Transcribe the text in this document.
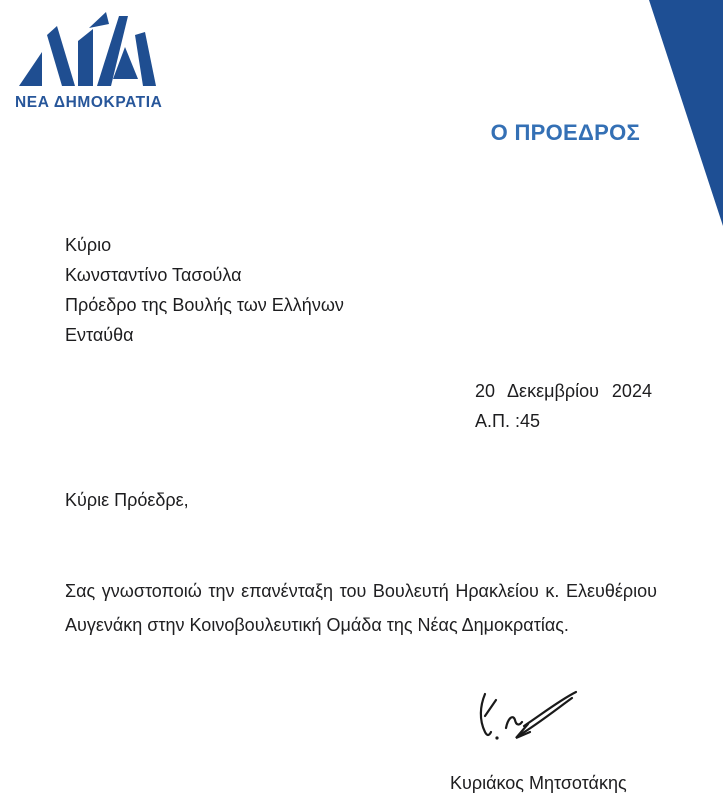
ΝΕΑ ΔΗΜΟΚΡΑΤΙΑ
Ο ΠΡΟΕΔΡΟΣ
Κύριο
Κωνσταντίνο Τασούλα
Πρόεδρο της Βουλής των Ελλήνων
Ενταύθα
20 Δεκεμβρίου 2024
Α.Π. :45
Κύριε Πρόεδρε,
Σας γνωστοποιώ την επανένταξη του Βουλευτή Ηρακλείου κ. Ελευθέριου Αυγενάκη στην Κοινοβουλευτική Ομάδα της Νέας Δημοκρατίας.
Κυριάκος Μητσοτάκης
